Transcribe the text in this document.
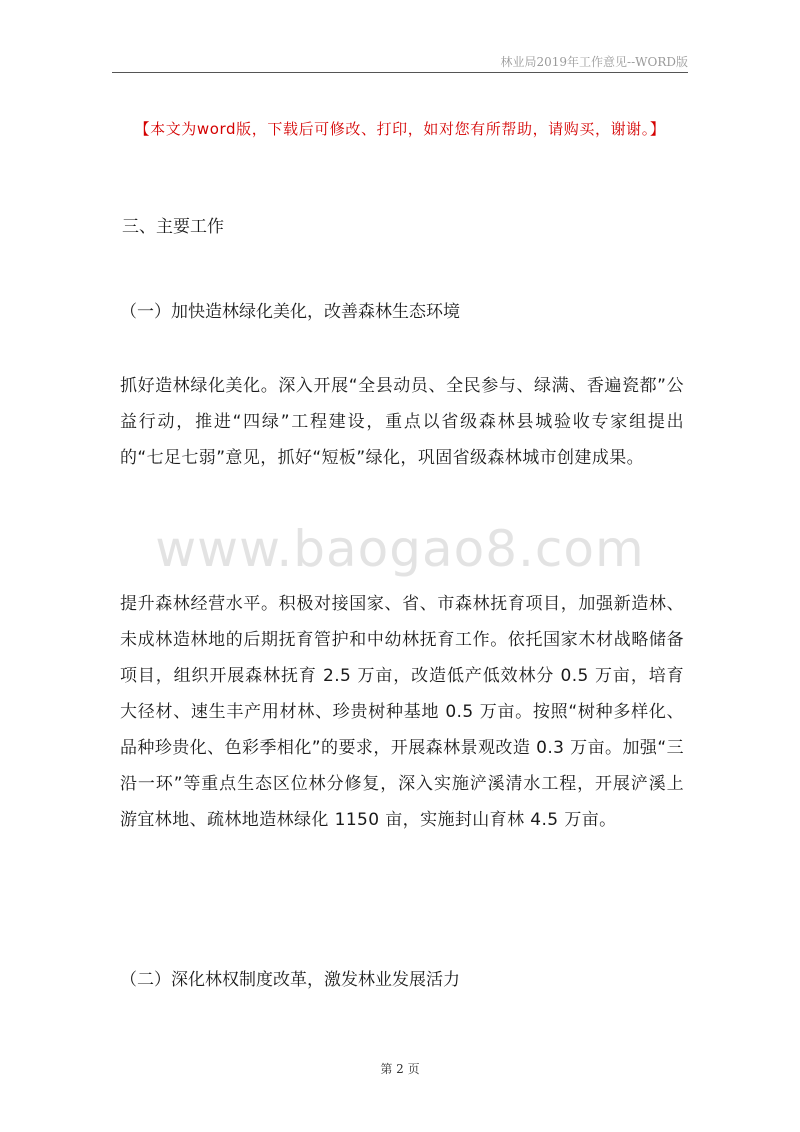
林业局2019年工作意见--WORD版
【本文为word版，下载后可修改、打印，如对您有所帮助，请购买，谢谢。】
www.baogao8.com
三、主要工作
（一）加快造林绿化美化，改善森林生态环境
抓好造林绿化美化。深入开展“全县动员、全民参与、绿满、香遍瓷都”公益行动，推进“四绿”工程建设，重点以省级森林县城验收专家组提出的“七足七弱”意见，抓好“短板”绿化，巩固省级森林城市创建成果。
提升森林经营水平。积极对接国家、省、市森林抚育项目，加强新造林、未成林造林地的后期抚育管护和中幼林抚育工作。依托国家木材战略储备项目，组织开展森林抚育 2.5 万亩，改造低产低效林分 0.5 万亩，培育大径材、速生丰产用材林、珍贵树种基地 0.5 万亩。按照“树种多样化、品种珍贵化、色彩季相化”的要求，开展森林景观改造 0.3 万亩。加强“三沿一环”等重点生态区位林分修复，深入实施浐溪清水工程，开展浐溪上游宜林地、疏林地造林绿化 1150 亩，实施封山育林 4.5 万亩。
（二）深化林权制度改革，激发林业发展活力
第 2 页
